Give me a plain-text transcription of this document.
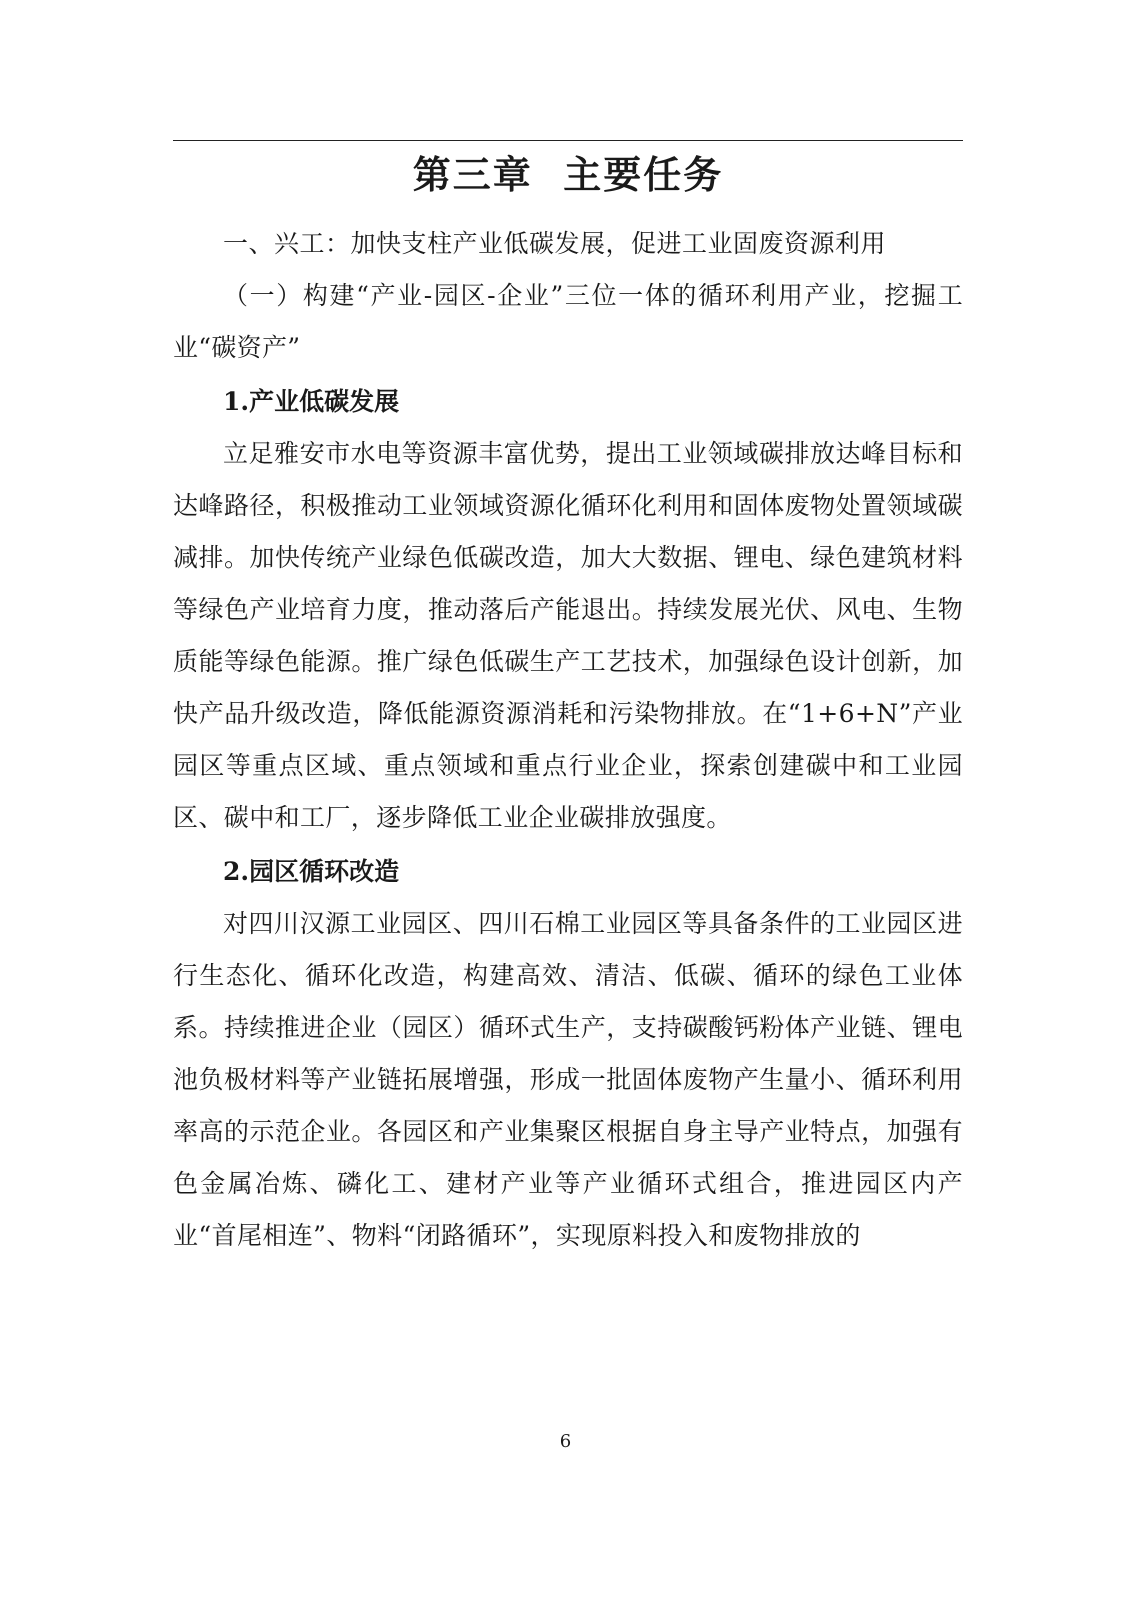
第三章  主要任务

一、兴工：加快支柱产业低碳发展，促进工业固废资源利用

（一）构建“产业-园区-企业”三位一体的循环利用产业，挖掘工业“碳资产”

1.产业低碳发展

立足雅安市水电等资源丰富优势，提出工业领域碳排放达峰目标和达峰路径，积极推动工业领域资源化循环化利用和固体废物处置领域碳减排。加快传统产业绿色低碳改造，加大大数据、锂电、绿色建筑材料等绿色产业培育力度，推动落后产能退出。持续发展光伏、风电、生物质能等绿色能源。推广绿色低碳生产工艺技术，加强绿色设计创新，加快产品升级改造，降低能源资源消耗和污染物排放。在“1+6+N”产业园区等重点区域、重点领域和重点行业企业，探索创建碳中和工业园区、碳中和工厂，逐步降低工业企业碳排放强度。

2.园区循环改造

对四川汉源工业园区、四川石棉工业园区等具备条件的工业园区进行生态化、循环化改造，构建高效、清洁、低碳、循环的绿色工业体系。持续推进企业（园区）循环式生产，支持碳酸钙粉体产业链、锂电池负极材料等产业链拓展增强，形成一批固体废物产生量小、循环利用率高的示范企业。各园区和产业集聚区根据自身主导产业特点，加强有色金属冶炼、磷化工、建材产业等产业循环式组合，推进园区内产业“首尾相连”、物料“闭路循环”，实现原料投入和废物排放的

6
